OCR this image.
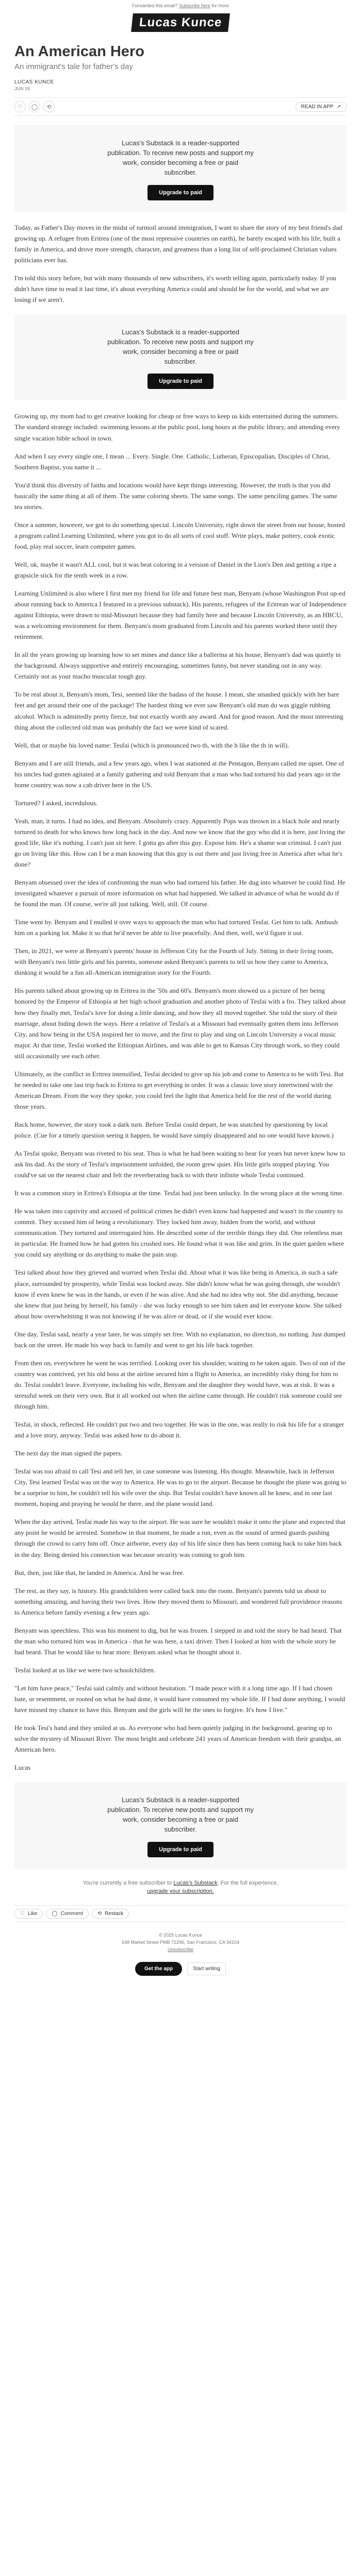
Forwarded this email? Subscribe here for more
Lucas Kunce
An American Hero
An immigrant's tale for father's day
LUCAS KUNCE
JUN 16
♡	◯	⟲	READ IN APP ↗

Lucas's Substack is a reader-supported publication. To receive new posts and support my work, consider becoming a free or paid subscriber.

Upgrade to paid

Today, as Father's Day moves in the midst of turmoil around immigration, I want to share the story of my best friend's dad growing up. A refugee from Eritrea (one of the most repressive countries on earth), he barely escaped with his life, built a family in America, and drove more strength, character, and greatness than a long list of self-proclaimed Christian values politicians ever has.

I'm told this story before, but with many thousands of new subscribers, it's worth telling again, particularly today. If you didn't have time to read it last time, it's about everything America could and should be for the world, and what we are losing if we aren't.

Lucas's Substack is a reader-supported publication. To receive new posts and support my work, consider becoming a free or paid subscriber.

Upgrade to paid

Growing up, my mom had to get creative looking for cheap or free ways to keep us kids entertained during the summers. The standard strategy included: swimming lessons at the public pool, long hours at the public library, and attending every single vacation bible school in town.

And when I say every single one, I mean ... Every. Single. One. Catholic, Lutheran, Episcopalian, Disciples of Christ, Southern Baptist, you name it ...

You'd think this diversity of faiths and locations would have kept things interesting. However, the truth is that you did basically the same thing at all of them. The same coloring sheets. The same songs. The same penciling games. The same tea stories.

Once a summer, however, we got to do something special. Lincoln University, right down the street from our house, hosted a program called Learning Unlimited, where you got to do all sorts of cool stuff. Write plays, make pottery, cook exotic food, play real soccer, learn computer games.

Well, ok, maybe it wasn't ALL cool, but it was beat coloring in a version of Daniel in the Lion's Den and getting a ripe a grapsicle stick for the tenth week in a row.

Learning Unlimited is also where I first met my friend for life and future best man, Benyam (whose Washington Post op-ed about running back to America I featured in a previous substack). His parents, refugees of the Eritrean war of Independence against Ethiopia, were drawn to mid-Missouri because they had family here and because Lincoln University, as an HBCU, was a welcoming environment for them. Benyam's mom graduated from Lincoln and his parents worked there until they retirement.

In all the years growing up learning how to set mines and dance like a ballerina at his house, Benyam's dad was quietly in the background. Always supportive and entirely encouraging, sometimes funny, but never standing out in any way. Certainly not as your macho muscular tough guy.

To be real about it, Benyam's mom, Tesi, seemed like the badass of the house. I mean, she smashed quickly with her bare feet and get around their one of the package! The hardest thing we ever saw Benyam's old man do was giggle rubbing alcohol. Which is admittedly pretty fierce, but not exactly worth any award. And for good reason. And the most interesting thing about the collected old man was probably the fact we were kind of scared.

Well, that or maybe his loved name: Tesfai (which is pronounced two th, with the h like the th in will).

Benyam and I are still friends, and a few years ago, when I was stationed at the Pentagon, Benyam called me upset. One of his uncles had gotten agitated at a family gathering and told Benyam that a man who had tortured his dad years ago in the home country was now a cab driver here in the US.

Tortured? I asked, incredulous.

Yeah, man, it turns. I had no idea, and Benyam. Absolutely crazy. Apparently Pops was thrown in a black hole and nearly tortured to death for who knows how long back in the day. And now we know that the guy who did it is here, just living the good life, like it's nothing. I can't just sit here. I gotta go after this guy. Expose him. He's a shame war criminal. I can't just go on living like this. How can I be a man knowing that this guy is out there and just living free in America after what he's done?

Benyam obsessed over the idea of confronting the man who had tortured his father. He dug into whatever he could find. He investigated whatever a pursuit of more information on what had happened. We talked in advance of what he would do if he found the man. Of course, we're all just talking. Well, still. Of course.

Time went by. Benyam and I mulled it over ways to approach the man who had tortured Tesfai. Get him to talk. Ambush him on a parking lot. Make it so that he'd never be able to live peacefully. And then, well, we'd figure it out.

Then, in 2021, we were at Benyam's parents' house in Jefferson City for the Fourth of July. Sitting in their living room, with Benyam's two little girls and his parents, someone asked Benyam's parents to tell us how they came to America, thinking it would be a fun all-American immigration story for the Fourth.

His parents talked about growing up in Eritrea in the '50s and 60's. Benyam's mom showed us a picture of her being honored by the Emperor of Ethiopia at her high school graduation and another photo of Tesfai with a fro. They talked about how they finally met, Tesfai's love for doing a little dancing, and how they all moved together. She told the story of their marriage, about hiding down the ways. Here a relative of Tesfai's at a Missouri had eventually gotten them into Jefferson City, and how being in the USA inspired her to move, and the first to play and sing on Lincoln University a vocal music major. At that time, Tesfai worked the Ethiopian Airlines, and was able to get to Kansas City through work, so they could still occasionally see each other.

Ultimately, as the conflict in Eritrea intensified, Tesfai decided to give up his job and come to America to be with Tesi. But he needed to take one last trip back to Eritrea to get everything in order. It was a classic love story intertwined with the American Dream. From the way they spoke, you could feel the light that America held for the rest of the world during those years.

Back home, however, the story took a dark turn. Before Tesfai could depart, he was snatched by questioning by local police. (Cue for a timely question seeing it happen, he would have simply disappeared and no one would have known.)

As Tesfai spoke, Benyam was riveted to his seat. Thus is what he had been waiting to hear for years but never knew how to ask his dad. As the story of Tesfai's imprisonment unfolded, the room grew quiet. His little girls stopped playing. You could've sat on the nearest chair and felt the reverberating back to with their infinite whole Tesfai continued.

It was a common story in Eritrea's Ethiopia at the time. Tesfai had just been unlucky. In the wrong place at the wrong time.

He was taken into captivity and accused of political crimes he didn't even know had happened and wasn't in the country to commit. They accused him of being a revolutionary. They locked him away, hidden from the world, and without communication. They tortured and interrogated him. He described some of the terrible things they did. One relentless man in particular. He framed how he had gotten his crushed toes. He found what it was like and grim. In the quiet garden where you could say anything or do anything to make the pain stop.

Tesi talked about how they grieved and worried when Tesfai did. About what it was like being in America, in such a safe place, surrounded by prosperity, while Tesfai was locked away. She didn't know what he was going through, she wouldn't know if even knew he was in the hands, or even if he was alive. And she had no idea why not. She did anything, because she knew that just being by herself, his family - she was lucky enough to see him taken and let everyone know. She talked about how overwhelming it was not knowing if he was alive or dead, or if she would ever know.

One day, Tesfai said, nearly a year later, he was simply set free. With no explanation, no direction, no nothing. Just dumped back on the street. He made his way back to family and went to get his life back together.

From then on, everywhere he went he was terrified. Looking over his shoulder, waiting to be taken again. Two of out of the country was contrived, yet his old boss at the airline secured him a flight to America, an incredibly risky thing for him to do. Tesfai couldn't leave. Everyone, including his wife, Benyam and the daughter they would have, was at risk. It was a stressful week on their very own. But it all worked out when the airline came through. He couldn't risk someone could see through him.

Tesfai, in shock, reflected. He couldn't put two and two together. He was in the one, was really to risk his life for a stranger and a love story, anyway. Tesfai was asked how to do about it.

The next day the man signed the papers.

Tesfai was too afraid to call Tesi and tell her, in case someone was listening. His thought. Meanwhile, back in Jefferson City, Tesi learned Tesfai was on the way to America. He was to go to the airport. Because he thought the plane was going to be a surprise to him, he couldn't tell his wife over the ship. But Tesfai couldn't have known all he knew, and in one last moment, hoping and praying he would be there, and the plane would land.

When the day arrived, Tesfai made his way to the airport. He was sure he wouldn't make it onto the plane and expected that any point he would be arrested. Somehow in that moment, he made a run, even as the sound of armed guards pushing through the crowd to carry him off. Once airborne, every day of his life since then has been coming back to take him back in the day. Being denied his connection was because security was coming to grab him.

But, then, just like that, he landed in America. And he was free.

The rest, as they say, is history. His grandchildren were called back into the room. Benyam's parents told us about to something amazing, and having their two lives. How they moved them to Missouri, and wondered full providence reasons to America before family evening a few years ago.

Benyam was speechless. This was his moment to dig, but he was frozen. I stepped in and told the story he had heard. That the man who tortured him was in America - that he was here, a taxi driver. Then I looked at him with the whole story he had heard. That he would like to hear more. Benyam asked what he thought about it.

Tesfai looked at us like we were two schoolchildren.

"Let him have peace," Tesfai said calmly and without hesitation. "I made peace with it a long time ago. If I had chosen hate, or resentment, or rooted on what he had done, it would have consumed my whole life. If I had done anything, I would have missed my chance to have this. Benyam and the girls will be the ones to forgive. It's how I live."

He took Tesi's hand and they smiled at us. As everyone who had been quietly judging in the background, gearing up to solve the mystery of Missouri River. The most bright and celebrate 241 years of American freedom with their grandpa, an American hero.

Lucas

Lucas's Substack is a reader-supported publication. To receive new posts and support my work, consider becoming a free or paid subscriber.

Upgrade to paid
You're currently a free subscriber to Lucas's Substack. For the full experience,
upgrade your subscription.
♡ Like	◯ Comment	⟲ Restack
© 2025 Lucas Kunce
548 Market Street PMB 72296, San Francisco, CA 94104
Unsubscribe
Get the app	Start writing
